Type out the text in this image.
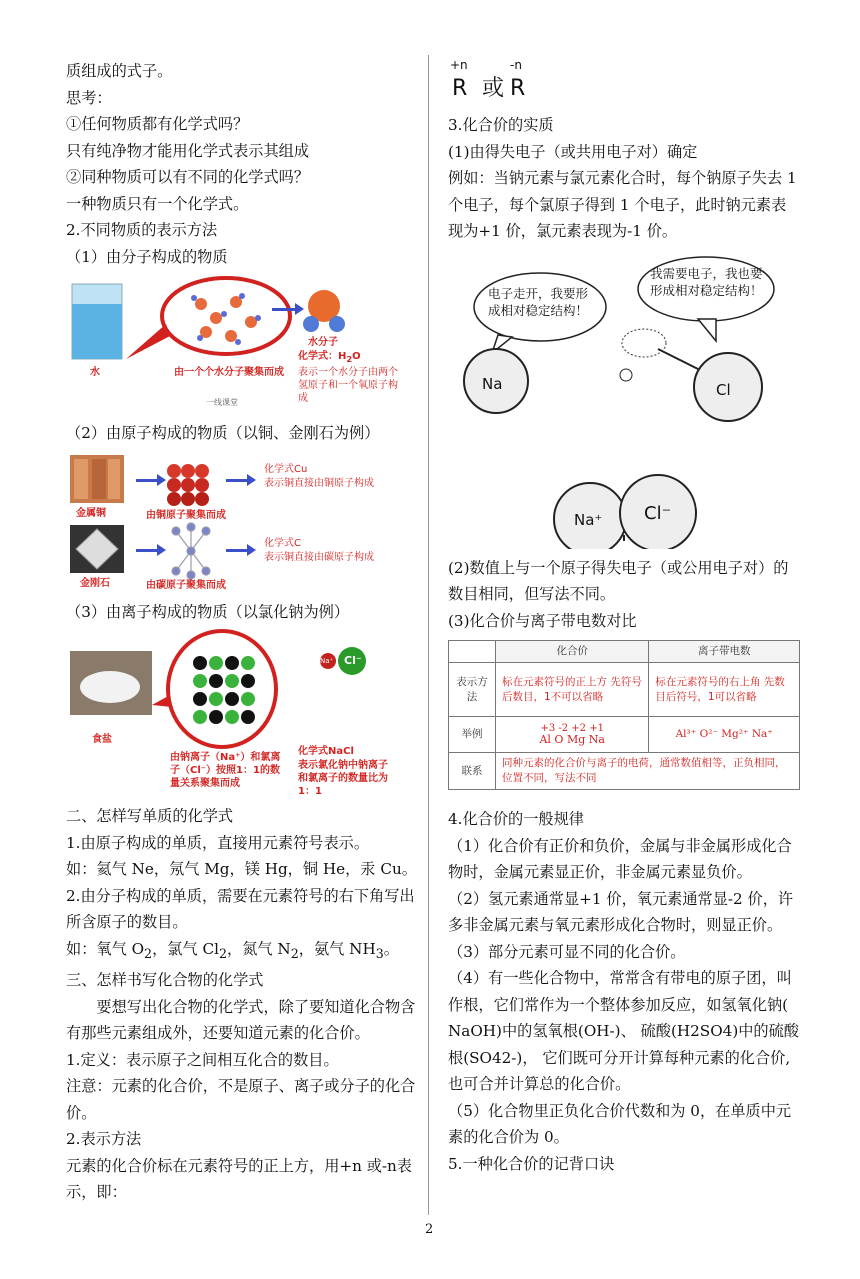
质组成的式子。

思考：

①任何物质都有化学式吗？

只有纯净物才能用化学式表示其组成

②同种物质可以有不同的化学式吗？

一种物质只有一个化学式。

2.不同物质的表示方法

（1）由分子构成的物质

水	由一个个水分子聚集而成
水分子
化学式：$H_2O$
表示一个水分子由两个氢原子和一个氧原子构成
一线课堂

（2）由原子构成的物质（以铜、金刚石为例）

金属铜	由铜原子聚集而成
化学式Cu
表示铜直接由铜原子构成
金刚石	由碳原子聚集而成
化学式C
表示铜直接由碳原子构成

（3）由离子构成的物质（以氯化钠为例）

Na⁺ Cl⁻
食盐
由钠离子（Na⁺）和氯离子（Cl⁻）按照1：1的数量关系聚集而成
化学式NaCl
表示氯化钠中钠离子和氯离子的数量比为1：1

二、怎样写单质的化学式

1.由原子构成的单质，直接用元素符号表示。

如：氦气 Ne，氖气 Mg，镁 Hg，铜 He，汞 Cu。

2.由分子构成的单质，需要在元素符号的右下角写出所含原子的数目。

如：氧气 $O_2$，氯气 $Cl_2$，氮气 $N_2$，氨气 $NH_3$。

三、怎样书写化合物的化学式

要想写出化合物的化学式，除了要知道化合物含有那些元素组成外，还要知道元素的化合价。

1.定义：表示原子之间相互化合的数目。

注意：元素的化合价，不是原子、离子或分子的化合价。

2.表示方法

元素的化合价标在元素符号的正上方，用+n 或-n表示，即：

+n	-n
R 或 R

3.化合价的实质

(1)由得失电子（或共用电子对）确定

例如：当钠元素与氯元素化合时，每个钠原子失去 1 个电子，每个氯原子得到 1 个电子，此时钠元素表现为+1 价，氯元素表现为-1 价。

电子走开，我要形成相对稳定结构！
我需要电子，我也要形成相对稳定结构！
Na	Cl
Na⁺ Cl⁻

(2)数值上与一个原子得失电子（或公用电子对）的数目相同，但写法不同。

(3)化合价与离子带电数对比

	化合价	离子带电数
表示方法	标在元素符号的正上方 先符号后数目，1不可以省略	标在元素符号的右上角 先数目后符号，1可以省略
举例	+3 -2 +2 +1
Al O Mg Na	Al³⁺ O²⁻ Mg²⁺ Na⁺
联系	同种元素的化合价与离子的电荷，通常数值相等，正负相同，位置不同，写法不同	

4.化合价的一般规律

（1）化合价有正价和负价，金属与非金属形成化合物时，金属元素显正价，非金属元素显负价。

（2）氢元素通常显+1 价，氧元素通常显-2 价，许多非金属元素与氧元素形成化合物时，则显正价。

（3）部分元素可显不同的化合价。

（4）有一些化合物中，常常含有带电的原子团，叫作根，它们常作为一个整体参加反应，如氢氧化钠( NaOH)中的氢氧根(OH-)、 硫酸(H2SO4)中的硫酸根(SO42-)， 它们既可分开计算每种元素的化合价,也可合并计算总的化合价。

（5）化合物里正负化合价代数和为 0，在单质中元素的化合价为 0。

5.一种化合价的记背口诀

2
